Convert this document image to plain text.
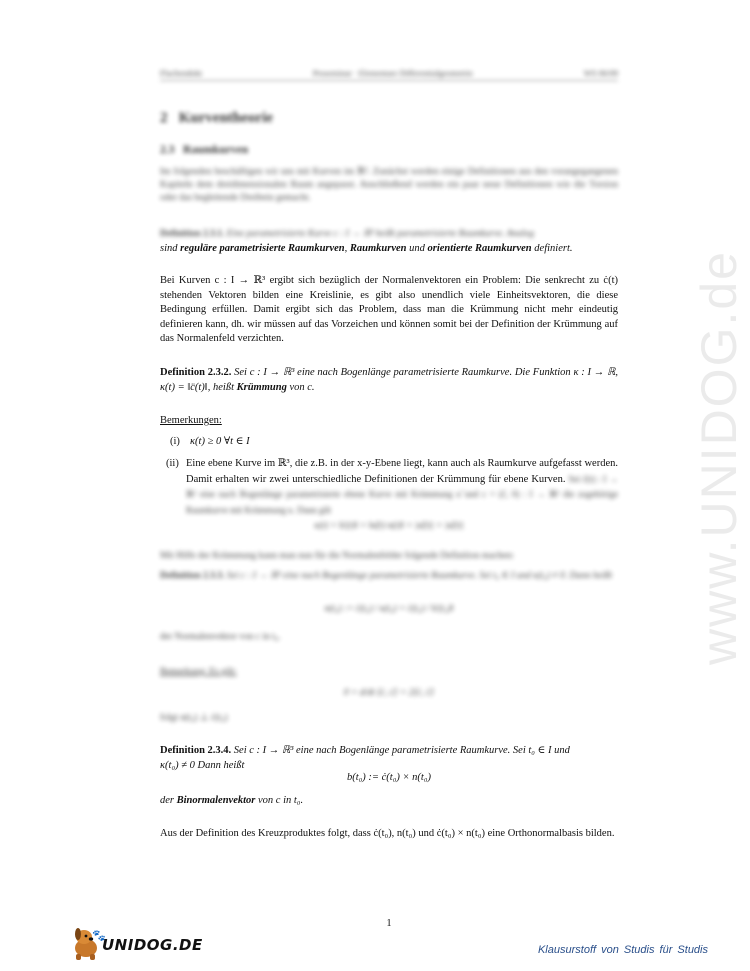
www.UNIDOG.de
Flachendokt	Proseminar · Elementare Differentialgeometrie	WS 06/09
2 Kurventheorie
2.3 Raumkurven
Im folgenden beschäftigen wir uns mit Kurven im ℝ³. Zunächst werden einige Definitionen aus den vorangegangenen Kapiteln dem dreidimensionalen Raum angepasst. Anschließend werden ein paar neue Definitionen wie die Torsion oder das begleitende Dreibein gemacht.
Definition 2.3.1. Eine parametrisierte Kurve c : I → ℝ³ heißt parametrisierte Raumkurve. Analog
sind reguläre parametrisierte Raumkurven, Raumkurven und orientierte Raumkurven definiert.
Bei Kurven c : I → ℝ³ ergibt sich bezüglich der Normalenvektoren ein Problem: Die senkrecht zu ċ(t) stehenden Vektoren bilden eine Kreislinie, es gibt also unendlich viele Einheitsvektoren, die diese Bedingung erfüllen. Damit ergibt sich das Problem, dass man die Krümmung nicht mehr eindeutig definieren kann, dh. wir müssen auf das Vorzeichen und können somit bei der Definition der Krümmung auf das Normalenfeld verzichten.
Definition 2.3.2. Sei c : I → ℝ³ eine nach Bogenlänge parametrisierte Raumkurve. Die Funktion κ : I → ℝ, κ(t) = ‖c̈(t)‖, heißt Krümmung von c.
Bemerkungen:
(i) κ(t) ≥ 0 ∀t ∈ I
(ii) Eine ebene Kurve im ℝ³, die z.B. in der x-y-Ebene liegt, kann auch als Raumkurve aufgefasst werden. Damit erhalten wir zwei unterschiedliche Definitionen der Krümmung für ebene Kurven. Sei c̃(t) : I → ℝ² eine nach Bogenlänge parametrisierte ebene Kurve mit Krümmung κ̃ und c = (c̃, 0) : I → ℝ³ die zugehörige Raumkurve mit Krümmung κ. Dann gilt
κ(t) = ‖c̈(t)‖ = ‖κ̃(t) n(t)‖ = |κ̃(t)| = |κ̃(t)|
Mit Hilfe der Krümmung kann man nun für die Normalenfelder folgende Definition machen:
Definition 2.3.3. Sei c : I → ℝ³ eine nach Bogenlänge parametrisierte Raumkurve. Sei t₀ ∈ I und κ(t₀) ≠ 0. Dann heißt
n(t₀) := c̈(t₀) / κ(t₀) = c̈(t₀) / ‖c̈(t₀)‖
der Normalenvektor von c in t₀.
Bemerkung: Es gilt:
0 = d/dt ⟨ċ, ċ⟩ = 2⟨ċ, c̈⟩
folgt n(t₀) ⊥ ċ(t₀)
Definition 2.3.4. Sei c : I → ℝ³ eine nach Bogenlänge parametrisierte Raumkurve. Sei t₀ ∈ I und
κ(t₀) ≠ 0 Dann heißt
b(t₀) := ċ(t₀) × n(t₀)
der Binormalenvektor von c in t₀.
Aus der Definition des Kreuzproduktes folgt, dass ċ(t₀), n(t₀) und ċ(t₀) × n(t₀) eine Orthonormalbasis bilden.
1
🐾
UNIDOG.DE	Klausurstoff von Studis für Studis
